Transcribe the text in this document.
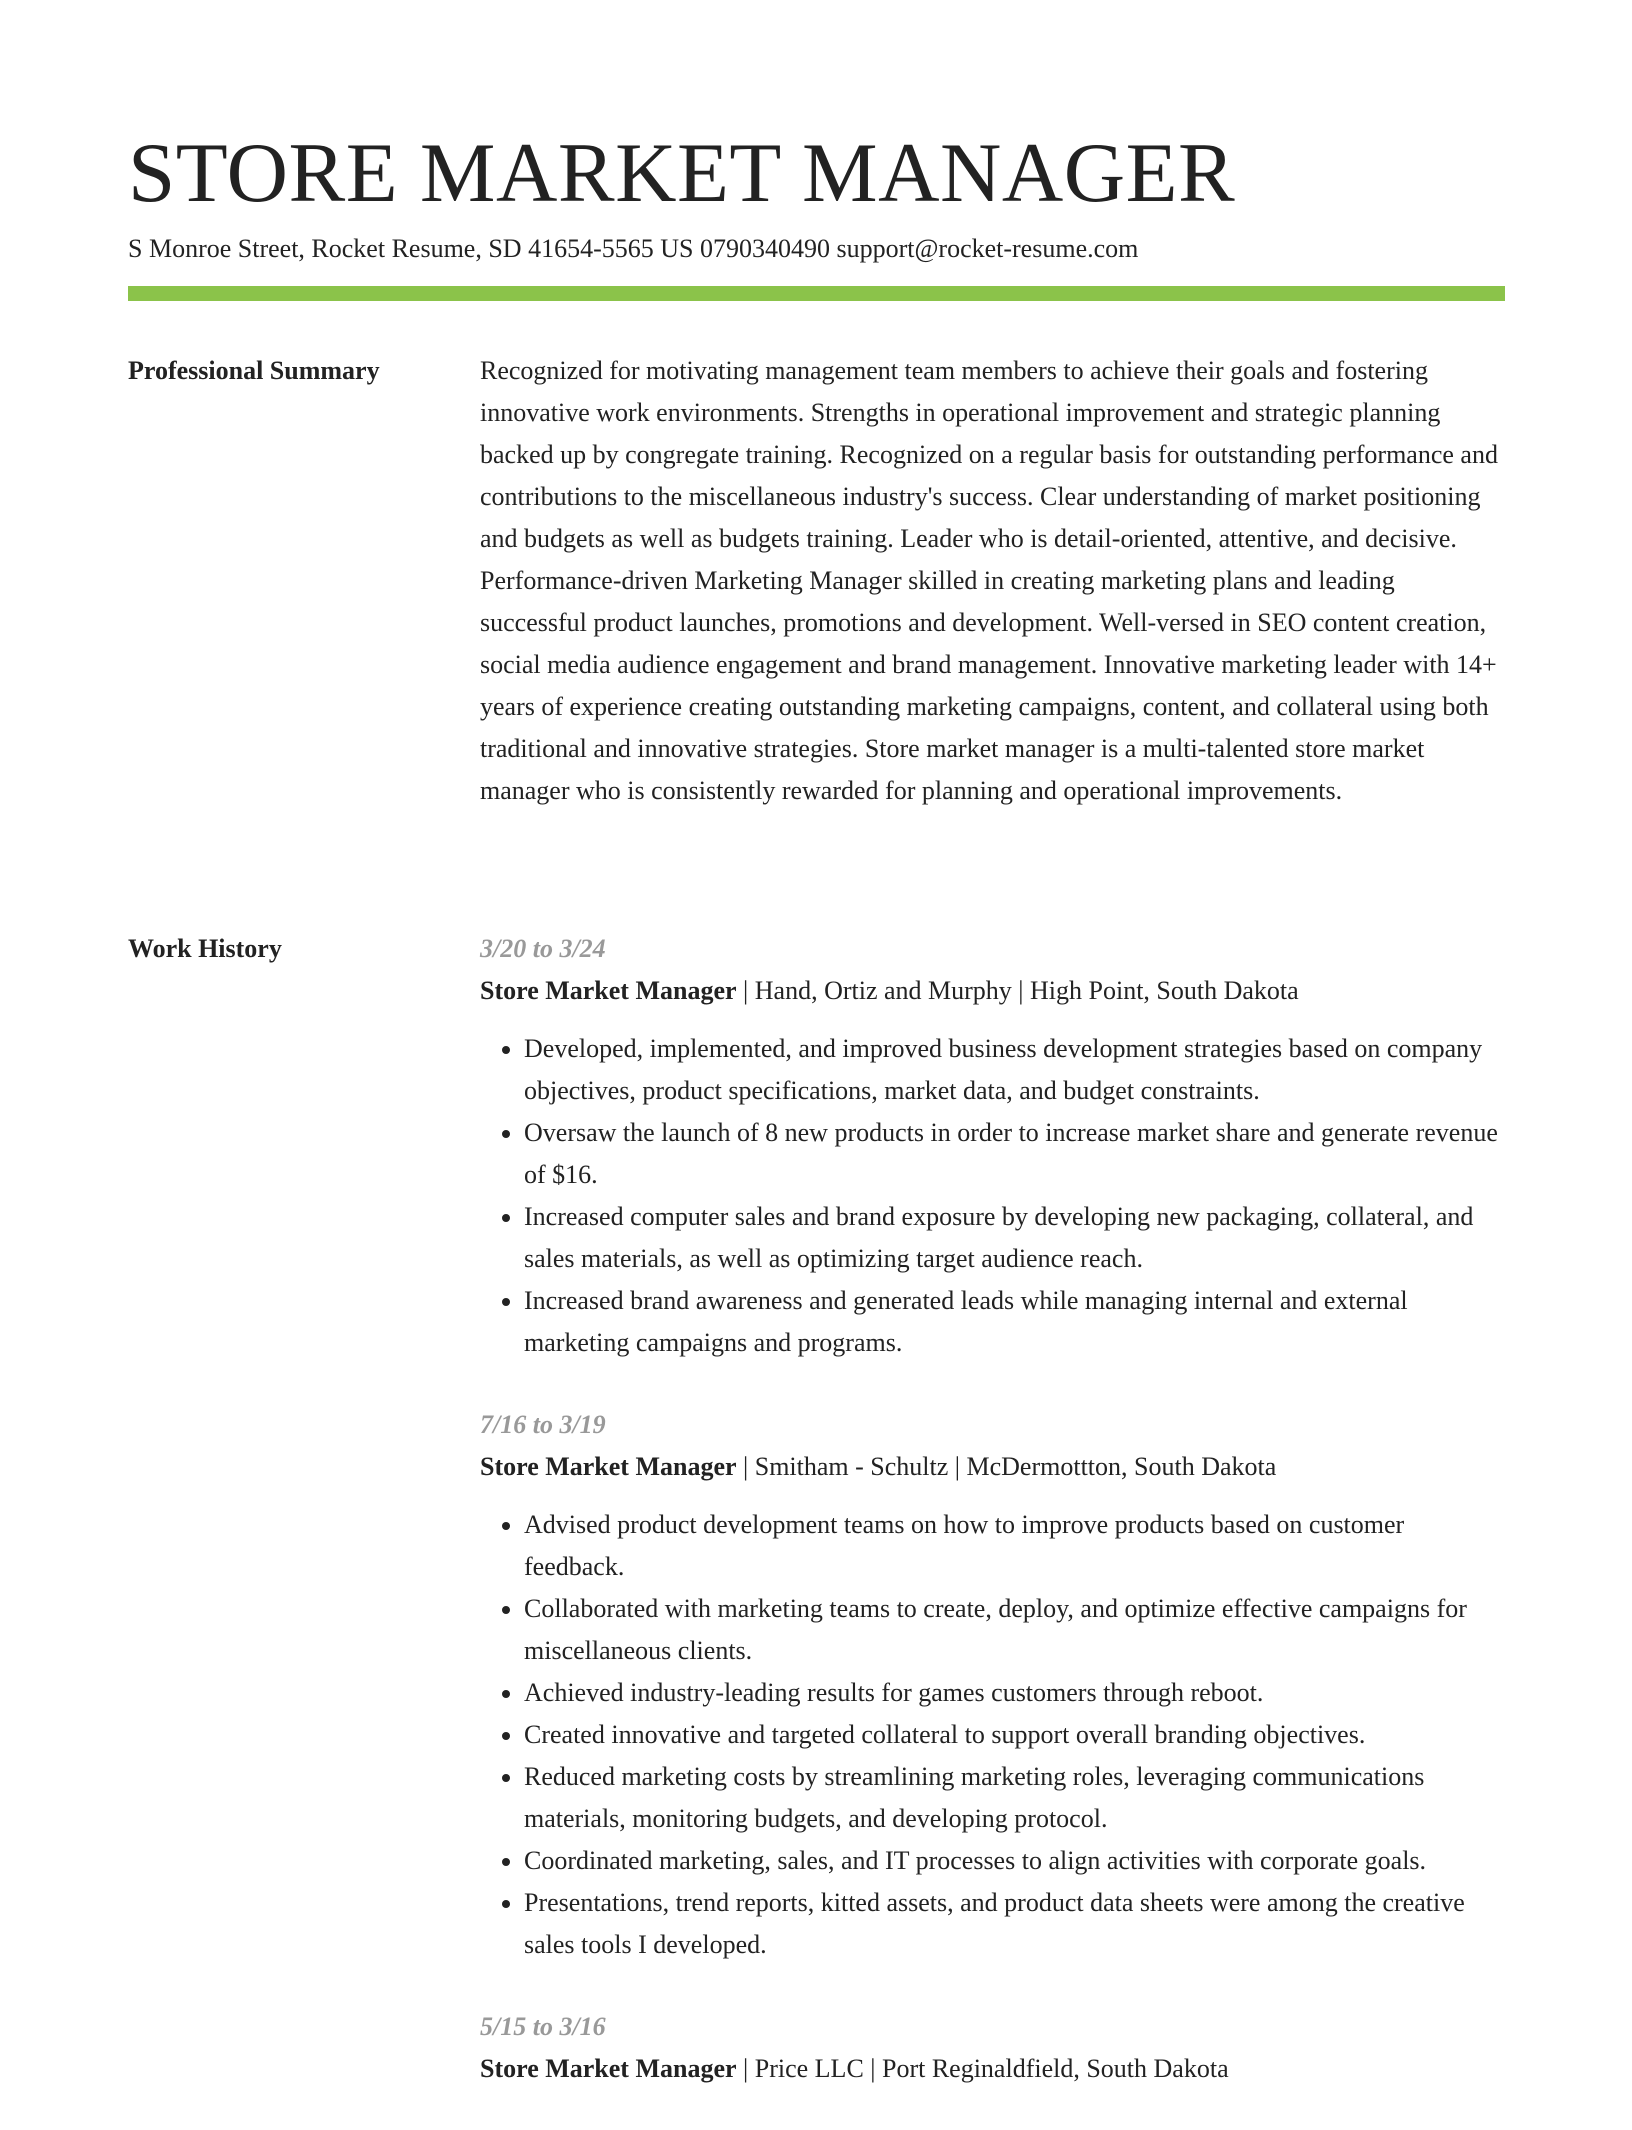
STORE MARKET MANAGER
S Monroe Street, Rocket Resume, SD 41654-5565 US 0790340490 support@rocket-resume.com
Professional Summary	Recognized for motivating management team members to achieve their goals and fostering innovative work environments. Strengths in operational improvement and strategic planning backed up by congregate training. Recognized on a regular basis for outstanding performance and contributions to the miscellaneous industry's success. Clear understanding of market positioning and budgets as well as budgets training. Leader who is detail-oriented, attentive, and decisive. Performance-driven Marketing Manager skilled in creating marketing plans and leading successful product launches, promotions and development. Well-versed in SEO content creation, social media audience engagement and brand management. Innovative marketing leader with 14+ years of experience creating outstanding marketing campaigns, content, and collateral using both traditional and innovative strategies. Store market manager is a multi-talented store market manager who is consistently rewarded for planning and operational improvements.

Work History	3/20 to 3/24
Store Market Manager | Hand, Ortiz and Murphy | High Point, South Dakota
• Developed, implemented, and improved business development strategies based on company objectives, product specifications, market data, and budget constraints.
• Oversaw the launch of 8 new products in order to increase market share and generate revenue of $16.
• Increased computer sales and brand exposure by developing new packaging, collateral, and sales materials, as well as optimizing target audience reach.
• Increased brand awareness and generated leads while managing internal and external marketing campaigns and programs.
7/16 to 3/19
Store Market Manager | Smitham - Schultz | McDermottton, South Dakota
• Advised product development teams on how to improve products based on customer feedback.
• Collaborated with marketing teams to create, deploy, and optimize effective campaigns for miscellaneous clients.
• Achieved industry-leading results for games customers through reboot.
• Created innovative and targeted collateral to support overall branding objectives.
• Reduced marketing costs by streamlining marketing roles, leveraging communications materials, monitoring budgets, and developing protocol.
• Coordinated marketing, sales, and IT processes to align activities with corporate goals.
• Presentations, trend reports, kitted assets, and product data sheets were among the creative sales tools I developed.
5/15 to 3/16
Store Market Manager | Price LLC | Port Reginaldfield, South Dakota
